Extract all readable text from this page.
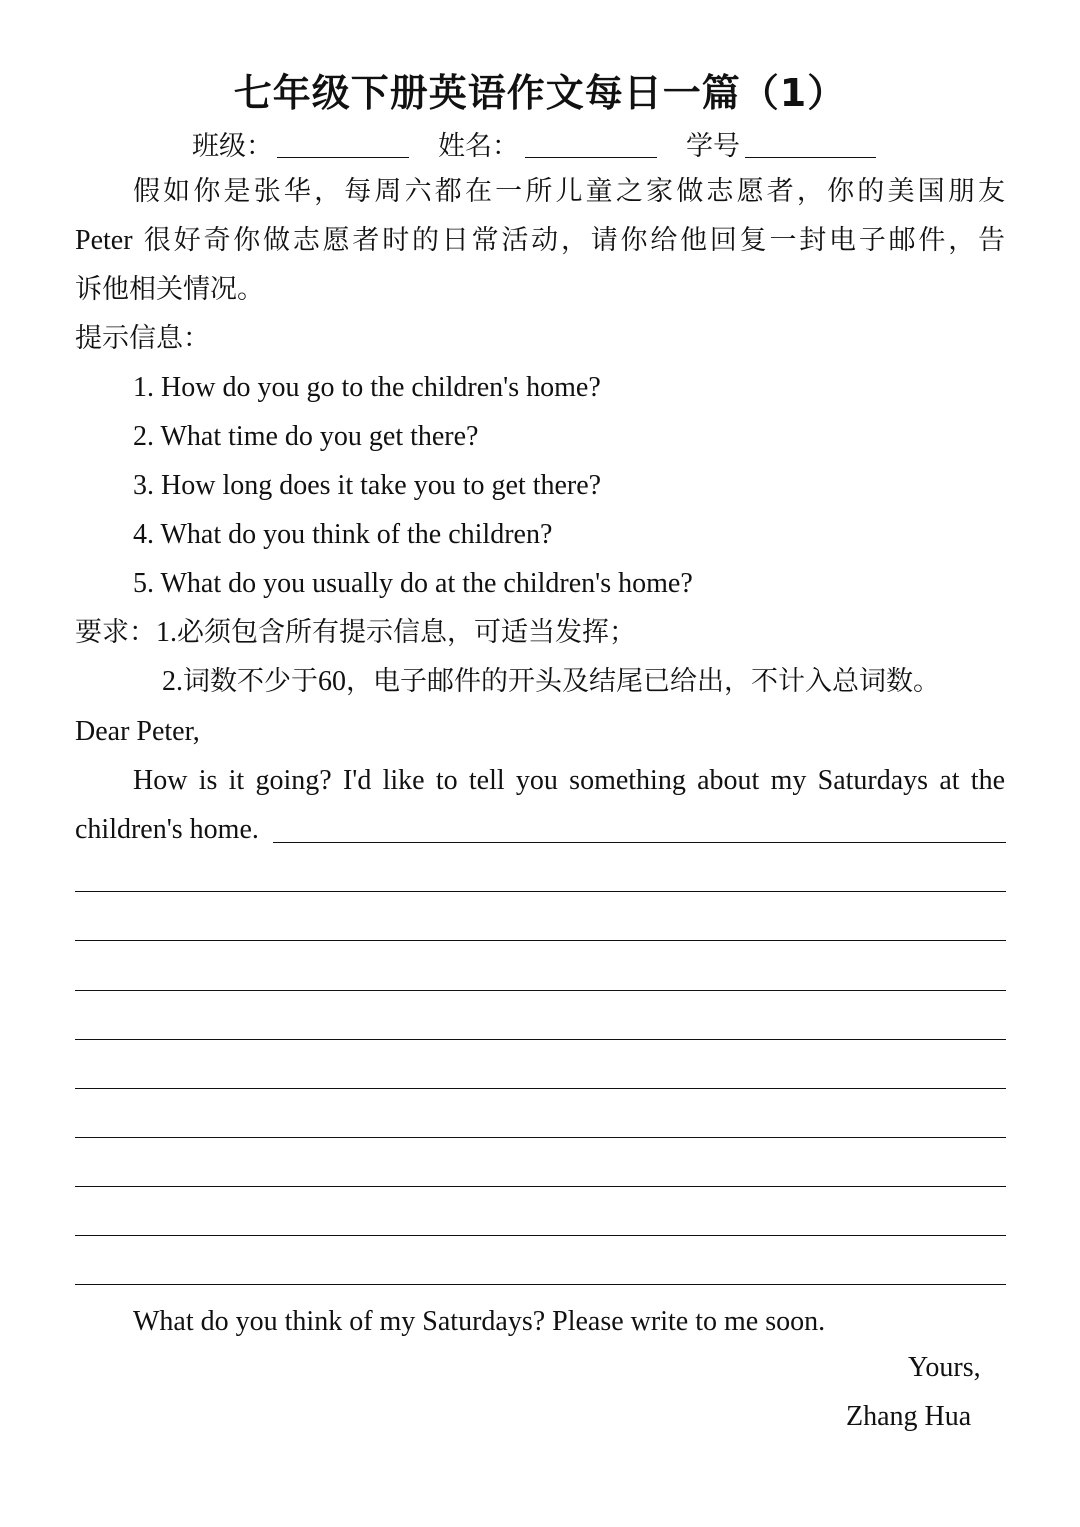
七年级下册英语作文每日一篇（1）
班级：	姓名：	学号
假如你是张华，每周六都在一所儿童之家做志愿者，你的美国朋友
Peter 很好奇你做志愿者时的日常活动，请你给他回复一封电子邮件，告
诉他相关情况。
提示信息：
1. How do you go to the children's home?
2. What time do you get there?
3. How long does it take you to get there?
4. What do you think of the children?
5. What do you usually do at the children's home?
要求：1.必须包含所有提示信息，可适当发挥；
2.词数不少于60，电子邮件的开头及结尾已给出，不计入总词数。
Dear Peter,
How is it going? I'd like to tell you something about my Saturdays at the
children's home.
What do you think of my Saturdays? Please write to me soon.
Yours,
Zhang Hua
